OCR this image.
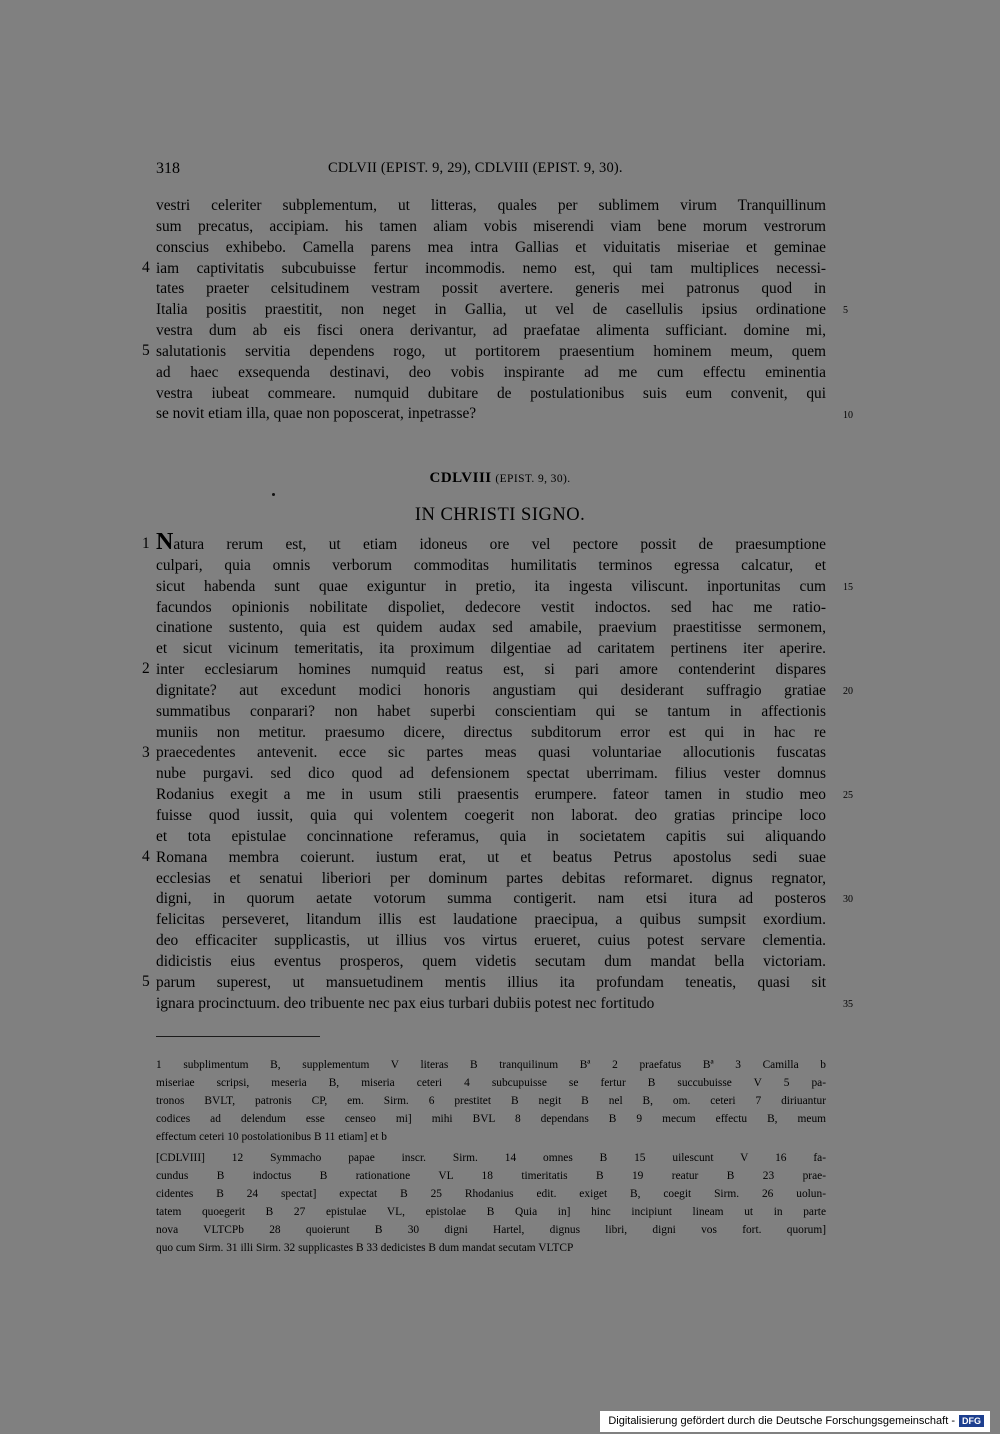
318	CDLVII (EPIST. 9, 29), CDLVIII (EPIST. 9, 30).
vestri celeriter subplementum, ut litteras, quales per sublimem virum Tranquillinum
sum precatus, accipiam. his tamen aliam vobis miserendi viam bene morum vestrorum
conscius exhibebo. Camella parens mea intra Gallias et viduitatis miseriae et geminae
iam captivitatis subcubuisse fertur incommodis. nemo est, qui tam multiplices necessi-
tates praeter celsitudinem vestram possit avertere. generis mei patronus quod in
Italia positis praestitit, non neget in Gallia, ut vel de casellulis ipsius ordinatione
vestra dum ab eis fisci onera derivantur, ad praefatae alimenta sufficiant. domine mi,
salutationis servitia dependens rogo, ut portitorem praesentium hominem meum, quem
ad haec exsequenda destinavi, deo vobis inspirante ad me cum effectu eminentia
vestra iubeat commeare. numquid dubitare de postulationibus suis eum convenit, qui
se novit etiam illa, quae non poposcerat, inpetrasse?
CDLVIII (EPIST. 9, 30).
IN CHRISTI SIGNO.
Natura rerum est, ut etiam idoneus ore vel pectore possit de praesumptione
culpari, quia omnis verborum commoditas humilitatis terminos egressa calcatur, et
sicut habenda sunt quae exiguntur in pretio, ita ingesta viliscunt. inportunitas cum
facundos opinionis nobilitate dispoliet, dedecore vestit indoctos. sed hac me ratio-
cinatione sustento, quia est quidem audax sed amabile, praevium praestitisse sermonem,
et sicut vicinum temeritatis, ita proximum dilgentiae ad caritatem pertinens iter aperire.
inter ecclesiarum homines numquid reatus est, si pari amore contenderint dispares
dignitate? aut excedunt modici honoris angustiam qui desiderant suffragio gratiae
summatibus conparari? non habet superbi conscientiam qui se tantum in affectionis
muniis non metitur. praesumo dicere, directus subditorum error est qui in hac re
praecedentes antevenit. ecce sic partes meas quasi voluntariae allocutionis fuscatas
nube purgavi. sed dico quod ad defensionem spectat uberrimam. filius vester domnus
Rodanius exegit a me in usum stili praesentis erumpere. fateor tamen in studio meo
fuisse quod iussit, quia qui volentem coegerit non laborat. deo gratias principe loco
et tota epistulae concinnatione referamus, quia in societatem capitis sui aliquando
Romana membra coierunt. iustum erat, ut et beatus Petrus apostolus sedi suae
ecclesias et senatui liberiori per dominum partes debitas reformaret. dignus regnator,
digni, in quorum aetate votorum summa contigerit. nam etsi itura ad posteros
felicitas perseveret, litandum illis est laudatione praecipua, a quibus sumpsit exordium.
deo efficaciter supplicastis, ut illius vos virtus erueret, cuius potest servare clementia.
didicistis eius eventus prosperos, quem videtis secutam dum mandat bella victoriam.
parum superest, ut mansuetudinem mentis illius ita profundam teneatis, quasi sit
ignara procinctuum. deo tribuente nec pax eius turbari dubiis potest nec fortitudo
1 subplimentum B, supplementum V literas B tranquilinum Bª 2 praefatus Bª 3 Camilla b
miseriae scripsi, meseria B, miseria ceteri 4 subcupuisse se fertur B succubuisse V 5 pa-
tronos BVLT, patronis CP, em. Sirm. 6 prestitet B negit B nel B, om. ceteri 7 diriuantur
codices ad delendum esse censeo mi] mihi BVL 8 dependans B 9 mecum effectu B, meum
effectum ceteri 10 postolationibus B 11 etiam] et b
[CDLVIII] 12 Symmacho papae inscr. Sirm. 14 omnes B 15 uilescunt V 16 fa-
cundus B indoctus B rationatione VL 18 timeritatis B 19 reatur B 23 prae-
cidentes B 24 spectat] expectat B 25 Rhodanius edit. exiget B, coegit Sirm. 26 uolun-
tatem quoegerit B 27 epistulae VL, epistolae B Quia in] hinc incipiunt lineam ut in parte
nova VLTCPb 28 quoierunt B 30 digni Hartel, dignus libri, digni vos fort. quorum]
quo cum Sirm. 31 illi Sirm. 32 supplicastes B 33 dedicistes B dum mandat secutam VLTCP
Digitalisierung gefördert durch die Deutsche Forschungsgemeinschaft - DFG
4
5
5
10
1
2
3
4
5
15
20
25
30
35
